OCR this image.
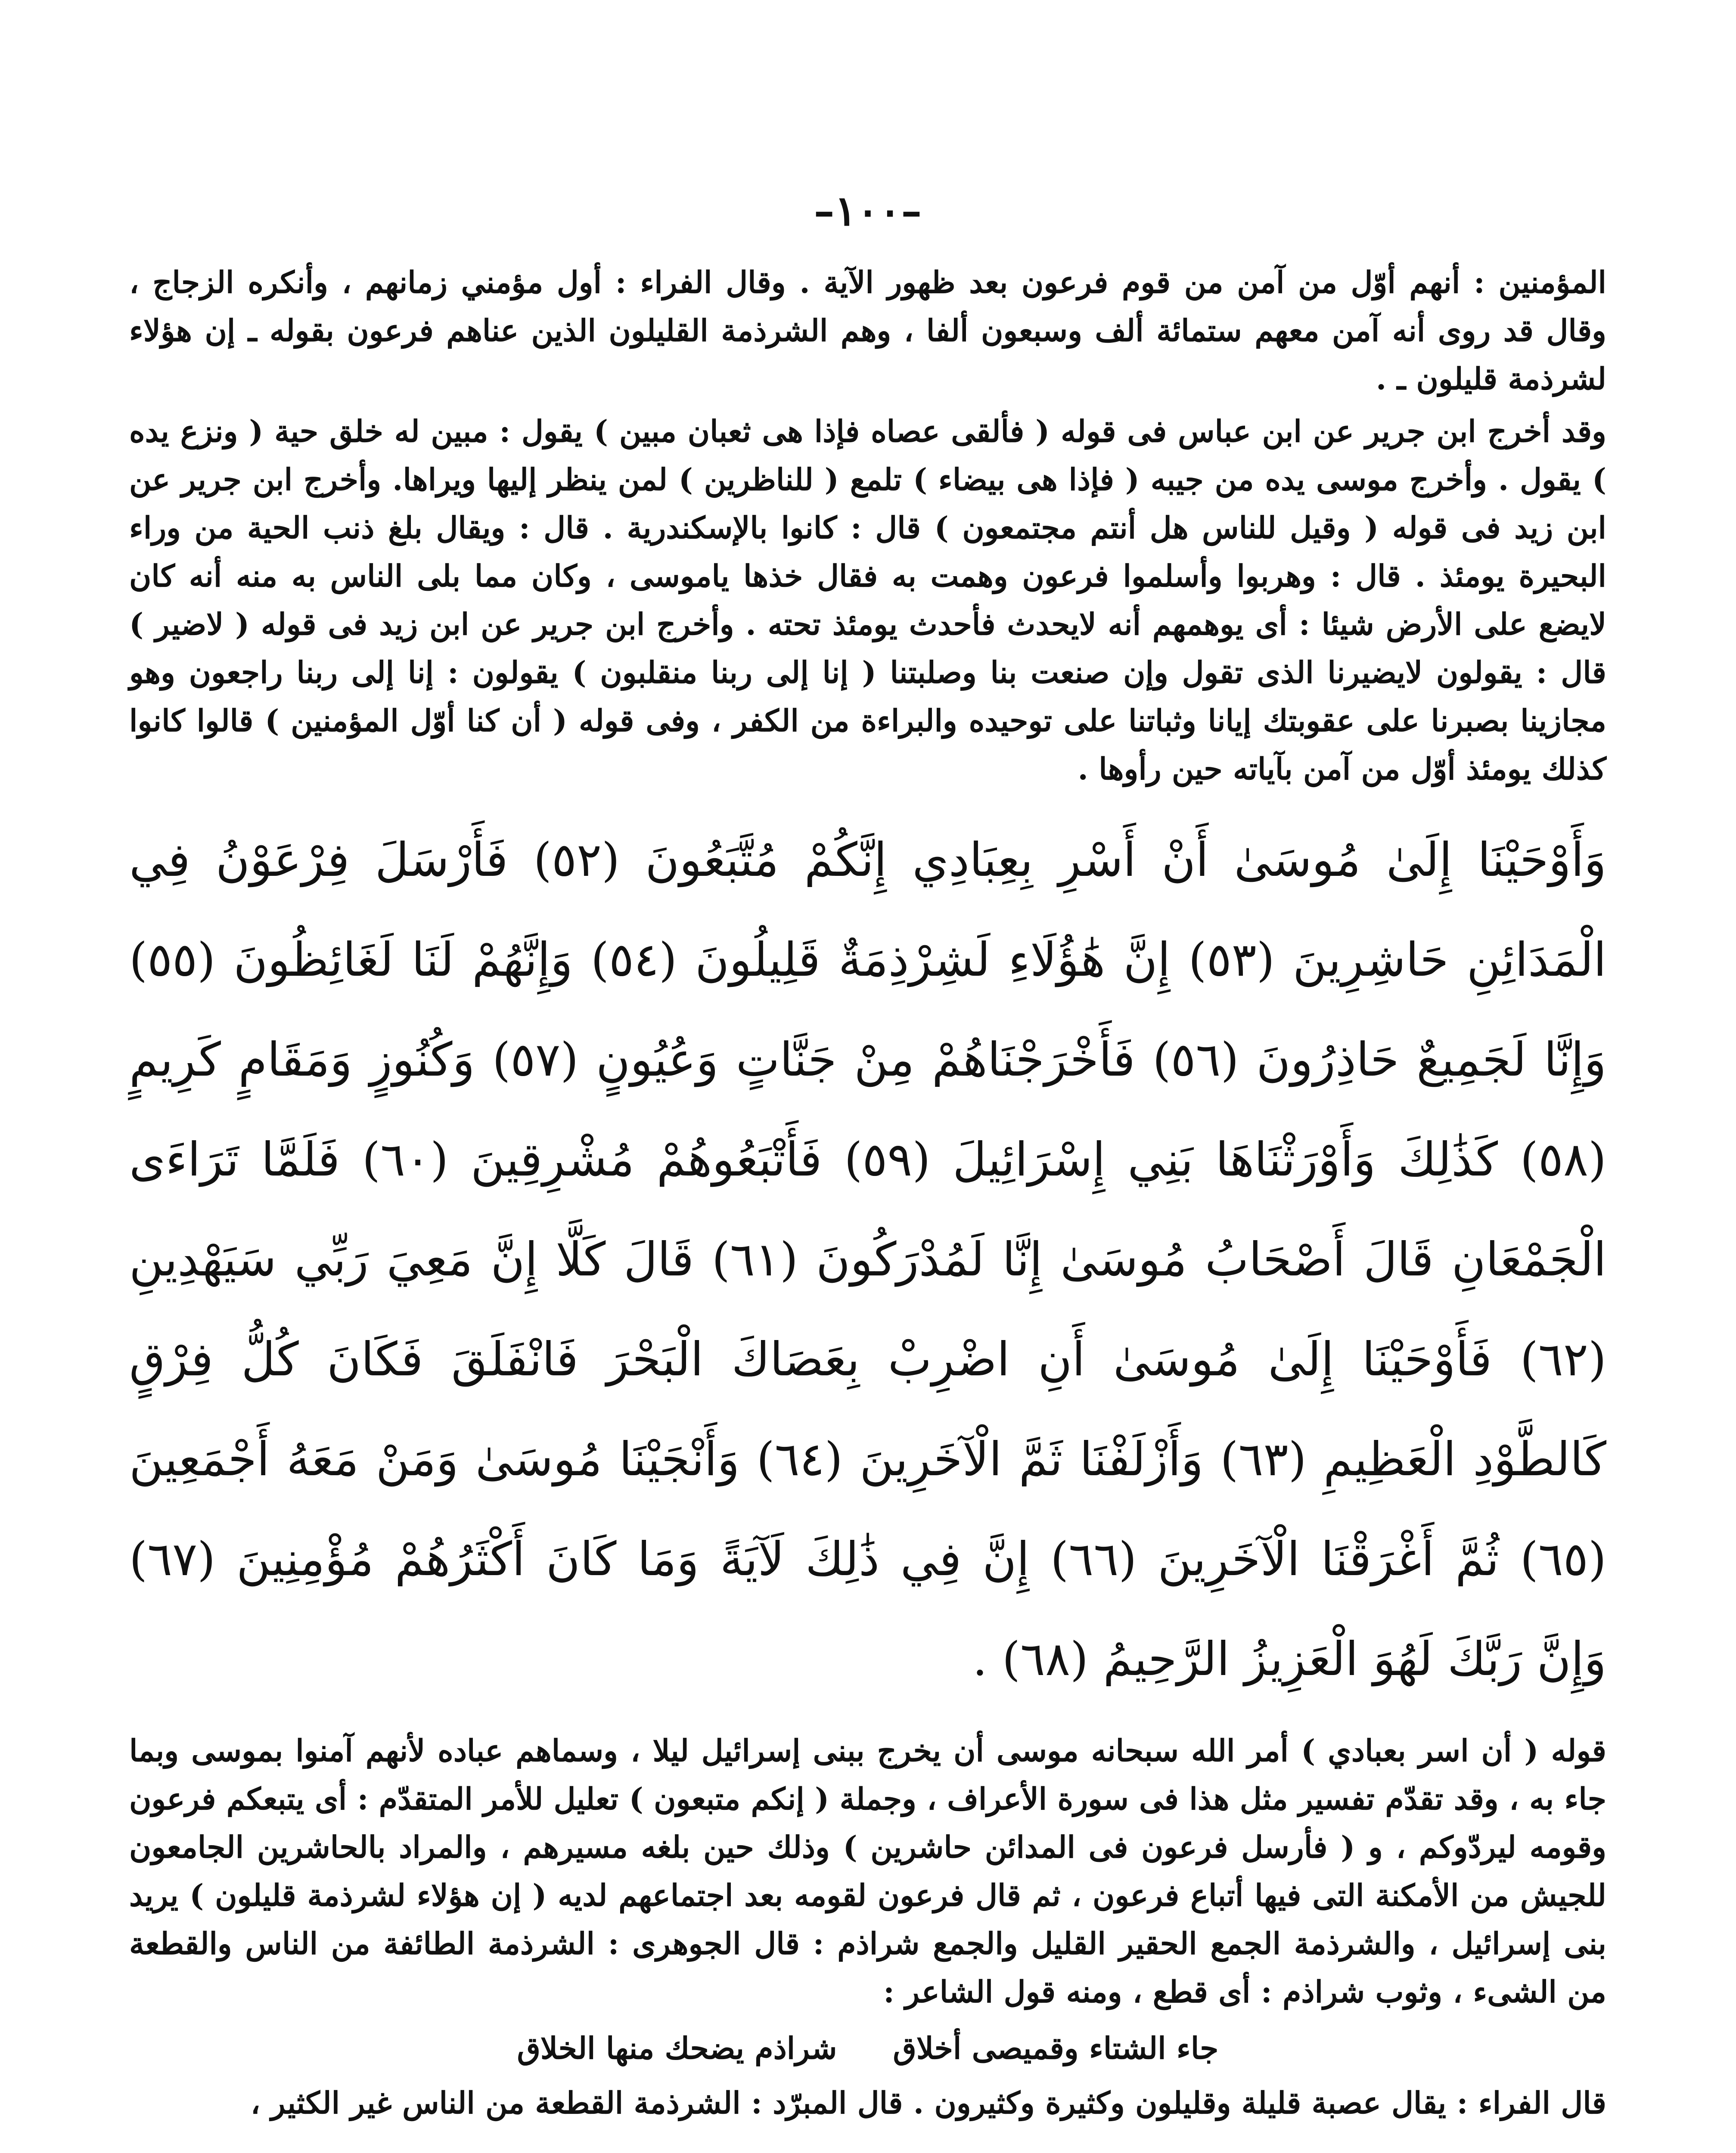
–١٠٠–

المؤمنين : أنهم أوّل من آمن من قوم فرعون بعد ظهور الآية . وقال الفراء : أول مؤمني زمانهم ، وأنكره الزجاج ، وقال قد روى أنه آمن معهم ستمائة ألف وسبعون ألفا ، وهم الشرذمة القليلون الذين عناهم فرعون بقوله ـ إن هؤلاء لشرذمة قليلون ـ .

وقد أخرج ابن جرير عن ابن عباس فى قوله ( فألقى عصاه فإذا هى ثعبان مبين ) يقول : مبين له خلق حية ( ونزع يده ) يقول . وأخرج موسى يده من جيبه ( فإذا هى بيضاء ) تلمع ( للناظرين ) لمن ينظر إليها ويراها. وأخرج ابن جرير عن ابن زيد فى قوله ( وقيل للناس هل أنتم مجتمعون ) قال : كانوا بالإسكندرية . قال : ويقال بلغ ذنب الحية من وراء البحيرة يومئذ . قال : وهربوا وأسلموا فرعون وهمت به فقال خذها ياموسى ، وكان مما بلى الناس به منه أنه كان لايضع على الأرض شيئا : أى يوهمهم أنه لايحدث فأحدث يومئذ تحته . وأخرج ابن جرير عن ابن زيد فى قوله ( لاضير ) قال : يقولون لايضيرنا الذى تقول وإن صنعت بنا وصلبتنا ( إنا إلى ربنا منقلبون ) يقولون : إنا إلى ربنا راجعون وهو مجازينا بصبرنا على عقوبتك إيانا وثباتنا على توحيده والبراءة من الكفر ، وفى قوله ( أن كنا أوّل المؤمنين ) قالوا كانوا كذلك يومئذ أوّل من آمن بآياته حين رأوها .

وَأَوْحَيْنَا إِلَىٰ مُوسَىٰ أَنْ أَسْرِ بِعِبَادِي إِنَّكُمْ مُتَّبَعُونَ (٥٢) فَأَرْسَلَ فِرْعَوْنُ فِي الْمَدَائِنِ حَاشِرِينَ (٥٣) إِنَّ هَٰؤُلَاءِ لَشِرْذِمَةٌ قَلِيلُونَ (٥٤) وَإِنَّهُمْ لَنَا لَغَائِظُونَ (٥٥) وَإِنَّا لَجَمِيعٌ حَاذِرُونَ (٥٦) فَأَخْرَجْنَاهُمْ مِنْ جَنَّاتٍ وَعُيُونٍ (٥٧) وَكُنُوزٍ وَمَقَامٍ كَرِيمٍ (٥٨) كَذَٰلِكَ وَأَوْرَثْنَاهَا بَنِي إِسْرَائِيلَ (٥٩) فَأَتْبَعُوهُمْ مُشْرِقِينَ (٦٠) فَلَمَّا تَرَاءَى الْجَمْعَانِ قَالَ أَصْحَابُ مُوسَىٰ إِنَّا لَمُدْرَكُونَ (٦١) قَالَ كَلَّا إِنَّ مَعِيَ رَبِّي سَيَهْدِينِ (٦٢) فَأَوْحَيْنَا إِلَىٰ مُوسَىٰ أَنِ اضْرِبْ بِعَصَاكَ الْبَحْرَ فَانْفَلَقَ فَكَانَ كُلُّ فِرْقٍ كَالطَّوْدِ الْعَظِيمِ (٦٣) وَأَزْلَفْنَا ثَمَّ الْآخَرِينَ (٦٤) وَأَنْجَيْنَا مُوسَىٰ وَمَنْ مَعَهُ أَجْمَعِينَ (٦٥) ثُمَّ أَغْرَقْنَا الْآخَرِينَ (٦٦) إِنَّ فِي ذَٰلِكَ لَآيَةً وَمَا كَانَ أَكْثَرُهُمْ مُؤْمِنِينَ (٦٧) وَإِنَّ رَبَّكَ لَهُوَ الْعَزِيزُ الرَّحِيمُ (٦٨) .

قوله ( أن اسر بعبادي ) أمر الله سبحانه موسى أن يخرج ببنى إسرائيل ليلا ، وسماهم عباده لأنهم آمنوا بموسى وبما جاء به ، وقد تقدّم تفسير مثل هذا فى سورة الأعراف ، وجملة ( إنكم متبعون ) تعليل للأمر المتقدّم : أى يتبعكم فرعون وقومه ليردّوكم ، و ( فأرسل فرعون فى المدائن حاشرين ) وذلك حين بلغه مسيرهم ، والمراد بالحاشرين الجامعون للجيش من الأمكنة التى فيها أتباع فرعون ، ثم قال فرعون لقومه بعد اجتماعهم لديه ( إن هؤلاء لشرذمة قليلون ) يريد بنى إسرائيل ، والشرذمة الجمع الحقير القليل والجمع شراذم : قال الجوهرى : الشرذمة الطائفة من الناس والقطعة من الشىء ، وثوب شراذم : أى قطع ، ومنه قول الشاعر :

جاء الشتاء وقميصى أخلاق
شراذم يضحك منها الخلاق
قال الفراء : يقال عصبة قليلة وقليلون وكثيرة وكثيرون . قال المبرّد : الشرذمة القطعة من الناس غير الكثير ،
